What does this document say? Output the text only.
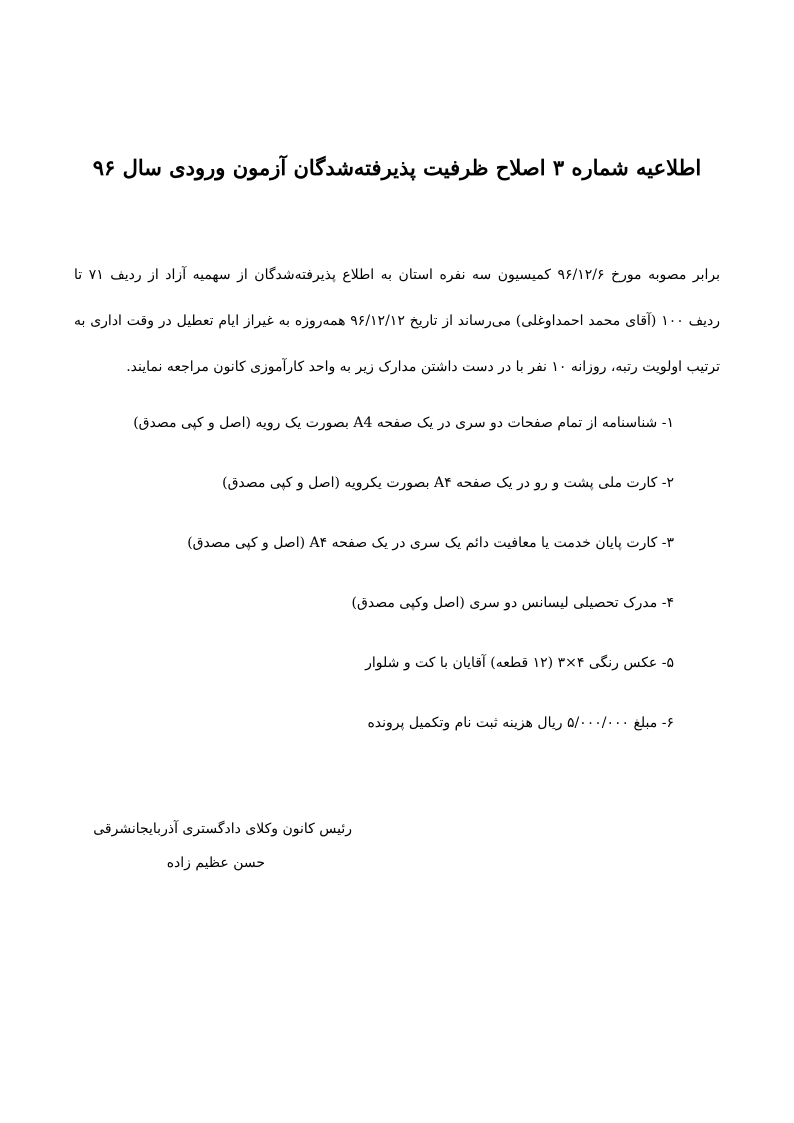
اطلاعیه شماره ۳ اصلاح ظرفیت پذیرفته‌شدگان آزمون ورودی سال ۹۶

برابر مصوبه مورخ ۹۶/۱۲/۶ کمیسیون سه نفره استان به اطلاع پذیرفته‌شدگان از سهمیه آزاد از ردیف ۷۱ تا ردیف ۱۰۰ (آقای محمد احمداوغلی) می‌رساند از تاریخ ۹۶/۱۲/۱۲ همه‌روزه به غیراز ایام تعطیل در وقت اداری به ترتیب اولویت رتبه، روزانه ۱۰ نفر با در دست داشتن مدارک زیر به واحد کارآموزی کانون مراجعه نمایند.

۱- شناسنامه از تمام صفحات دو سری در یک صفحه A4 بصورت یک رویه (اصل و کپی مصدق)
۲- کارت ملی پشت و رو در یک صفحه A۴ بصورت یکرویه (اصل و کپی مصدق)
۳- کارت پایان خدمت یا معافیت دائم یک سری در یک صفحه A۴ (اصل و کپی مصدق)
۴- مدرک تحصیلی لیسانس دو سری (اصل وکپی مصدق)
۵- عکس رنگی ۴×۳ (۱۲ قطعه) آقایان با کت و شلوار
۶- مبلغ ۵/۰۰۰/۰۰۰ ریال هزینه ثبت نام وتکمیل پرونده
رئیس کانون وکلای دادگستری آذربایجانشرقی
حسن عظیم زاده
